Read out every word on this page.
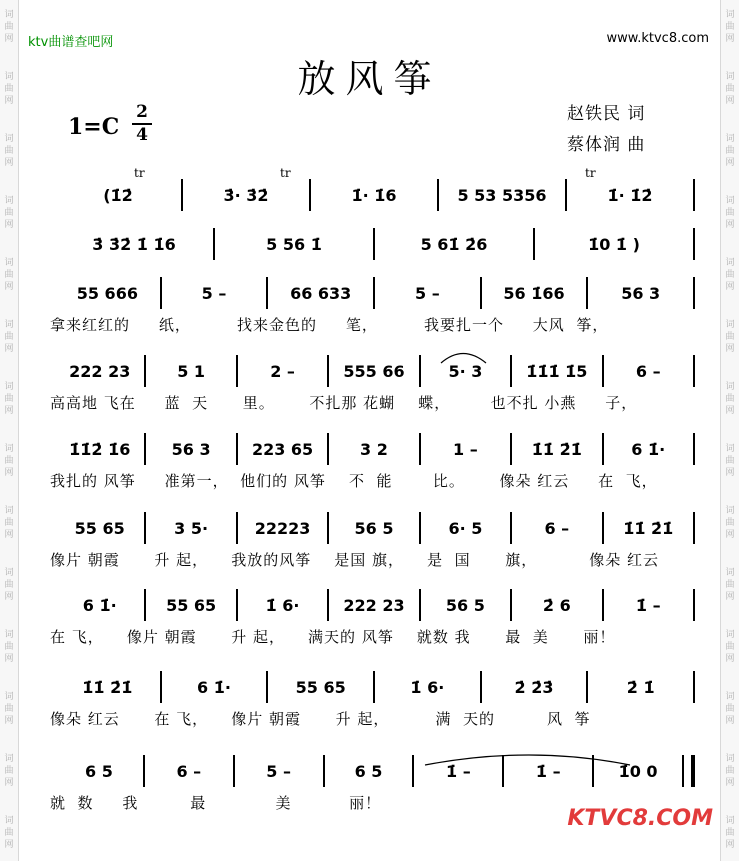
词
曲
网
词
曲
网
词
曲
网
词
曲
网
词
曲
网
词
曲
网
词
曲
网
词
曲
网
词
曲
网
词
曲
网
词
曲
网
词
曲
网
词
曲
网
词
曲
网
词
曲
网
词
曲
网
词
曲
网
词
曲
网
词
曲
网
词
曲
网
词
曲
网
词
曲
网
词
曲
网
词
曲
网
词
曲
网
词
曲
网
词
曲
网
词
曲
网
ktv曲谱查吧网	www.ktvc8.com
放风筝
1=C
2
4
赵铁民 词
蔡体润 曲
tr	tr	tr
(1̇2̇	3̇· 3̇2̇	1̇· 1̇6	5 53 5356	1̇· 1̇2̇
3̇ 3̇2̇ 1̇ 1̇6	5 56 1̇	5 61̇ 2̇6	1̇0 1̇ )
55 666	5 –	66 633	5 –	56 1̇66	56 3
拿来红红的     纸，        找来金色的     笔，        我要扎一个     大风  筝，
222 23	5 1	2 –	555 66	5· 3	1̇1̇1̇ 1̇5	6 –
高高地 飞在     蓝  天      里。      不扎那 花蝴    蝶，       也不扎 小燕     子，
1̇1̇2̇ 1̇6	56 3	223 65	3 2	1 –	1̇1̇ 2̇1̇	6 1̇·
我扎的 风筝     准第一，  他们的 风筝    不  能       比。      像朵 红云     在  飞，
55 65	3 5·	22223	56 5	6· 5	6 –	1̇1̇ 2̇1̇
像片 朝霞      升 起，    我放的风筝    是国 旗，    是  国      旗，         像朵 红云
6 1̇·	55 65	1̇ 6·	222 23	56 5	2̇ 6	1̇ –
在 飞，    像片 朝霞      升 起，    满天的 风筝    就数 我      最  美      丽！
1̇1̇ 2̇1̇	6 1̇·	55 65	1̇ 6·	2̇ 2̇3̇	2̇ 1̇
像朵 红云      在 飞，    像片 朝霞      升 起，        满  天的         风  筝
6 5	6 –	5 –	6 5	1̇ –	1̇ –	1̇0 0
就  数     我         最            美          丽！
KTVC8.COM
